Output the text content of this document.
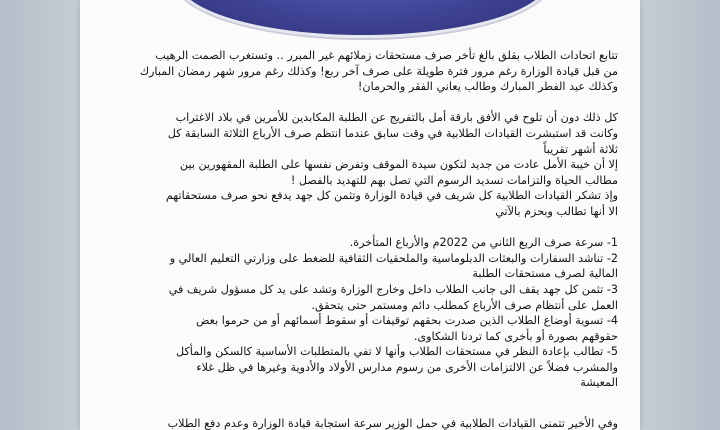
تتابع اتحادات الطلاب بقلق بالغ تأخر صرف مستحقات زملائهم غير المبرر .. وتستغرب الصمت الرهيب

من قبل قيادة الوزارة رغم مرور فترة طويلة على صرف آخر ربع! وكذلك رغم مرور شهر رمضان المبارك

وكذلك عيد الفطر المبارك وطالب يعاني الفقر والحرمان!

كل ذلك دون أن تلوح في الأفق بارقة أمل بالتفريج عن الطلبة المكابدين للأمرين في بلاد الاغتراب

وكانت قد استبشرت القيادات الطلابية في وقت سابق عندما انتظم صرف الأرباع الثلاثة السابقة كل

ثلاثة أشهر تقريباً

إلا أن خيبة الأمل عادت من جديد لتكون سيدة الموقف وتفرض نفسها على الطلبة المقهورين بين

مطالب الحياة والتزامات تسديد الرسوم التي تصل بهم للتهديد بالفصل !

وإذ تشكر القيادات الطلابية كل شريف في قيادة الوزارة وتثمن كل جهد يدفع نحو صرف مستحقاتهم

الا أنها تطالب وبحزم بالآتي

1- سرعة صرف الربع الثاني من 2022م والأرباع المتأخرة.

2- تناشد السفارات والبعثات الدبلوماسية والملحقيات الثقافية للضغط على وزارتي التعليم العالي و

المالية لصرف مستحقات الطلبة

3- تثمن كل جهد يقف الى جانب الطلاب داخل وخارج الوزارة وتشد على يد كل مسؤول شريف في

العمل على أنتظام صرف الأرباع كمطلب دائم ومستمر حتى يتحقق.

4- تسوية أوضاع الطلاب الذين صدرت بحقهم توقيفات أو سقوط أسمائهم أو من حرموا بعض

حقوقهم بصورة أو بأخرى كما تردنا الشكاوى.

5- تطالب بإعادة النظر في مستحقات الطلاب وأنها لا تفي بالمتطلبات الأساسية كالسكن والمأكل

والمشرب فضلاً عن الالتزامات الأخرى من رسوم مدارس الأولاد والأدوية وغيرها في ظل غلاء

المعيشة

وفي الأخير تتمنى القيادات الطلابية في حمل الوزير سرعة استجابة قيادة الوزارة وعدم دفع الطلاب
